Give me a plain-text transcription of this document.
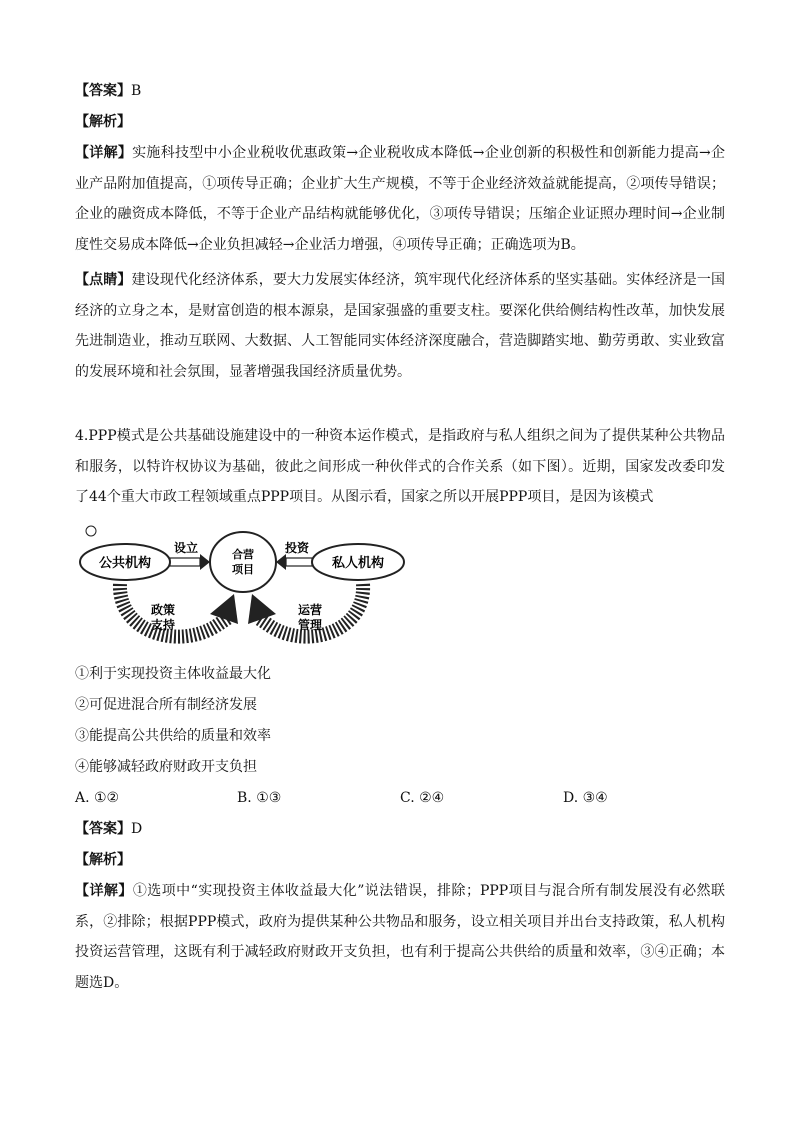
【答案】B

【解析】

【详解】实施科技型中小企业税收优惠政策→企业税收成本降低→企业创新的积极性和创新能力提高→企业产品附加值提高，①项传导正确；企业扩大生产规模，不等于企业经济效益就能提高，②项传导错误；企业的融资成本降低，不等于企业产品结构就能够优化，③项传导错误；压缩企业证照办理时间→企业制度性交易成本降低→企业负担减轻→企业活力增强，④项传导正确；正确选项为B。

【点睛】建设现代化经济体系，要大力发展实体经济，筑牢现代化经济体系的坚实基础。实体经济是一国经济的立身之本，是财富创造的根本源泉，是国家强盛的重要支柱。要深化供给侧结构性改革，加快发展先进制造业，推动互联网、大数据、人工智能同实体经济深度融合，营造脚踏实地、勤劳勇敢、实业致富的发展环境和社会氛围，显著增强我国经济质量优势。

4.PPP模式是公共基础设施建设中的一种资本运作模式，是指政府与私人组织之间为了提供某种公共物品和服务，以特许权协议为基础，彼此之间形成一种伙伴式的合作关系（如下图）。近期，国家发改委印发了44个重大市政工程领域重点PPP项目。从图示看，国家之所以开展PPP项目，是因为该模式

公共机构
合营
项目	私人机构
设立	投资
政策
支持
运营
管理
①利于实现投资主体收益最大化
②可促进混合所有制经济发展
③能提高公共供给的质量和效率
④能够减轻政府财政开支负担
A. ①②	B. ①③	C. ②④	D. ③④

【答案】D

【解析】

【详解】①选项中“实现投资主体收益最大化”说法错误，排除；PPP项目与混合所有制发展没有必然联系，②排除；根据PPP模式，政府为提供某种公共物品和服务，设立相关项目并出台支持政策，私人机构投资运营管理，这既有利于减轻政府财政开支负担，也有利于提高公共供给的质量和效率，③④正确；本题选D。
